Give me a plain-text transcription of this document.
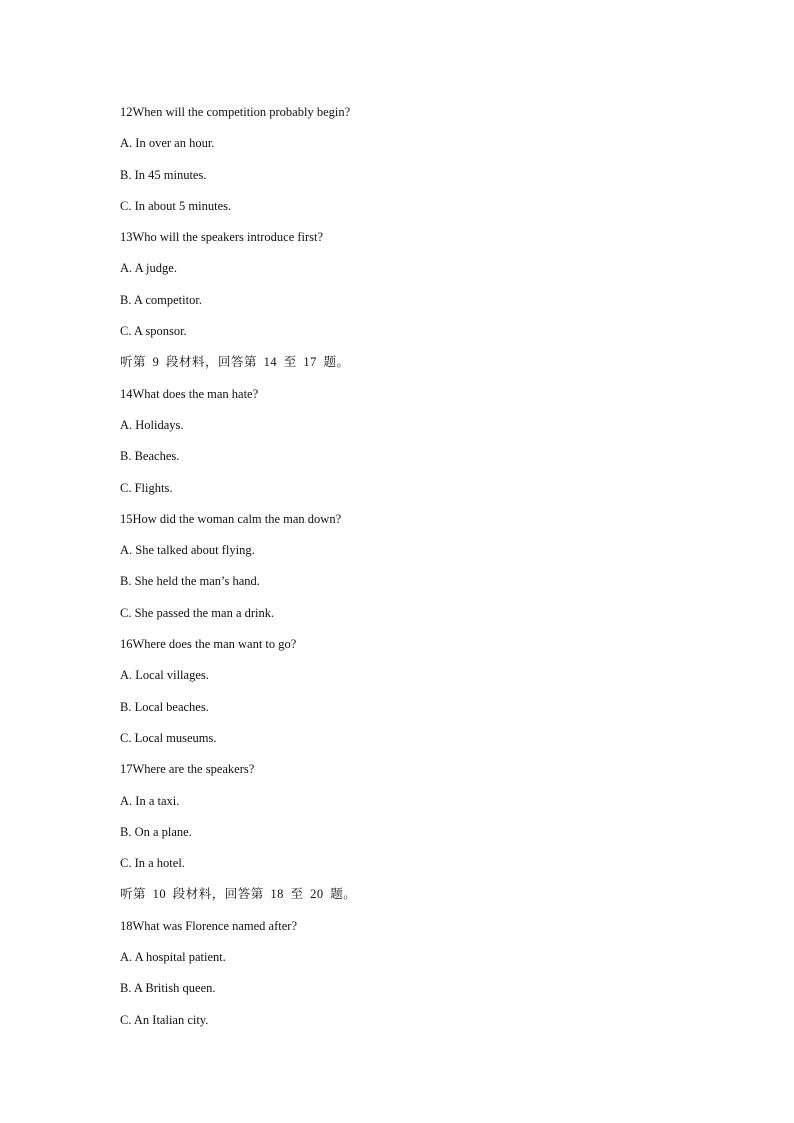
12When will the competition probably begin?
A. In over an hour.
B. In 45 minutes.
C. In about 5 minutes.
13Who will the speakers introduce first?
A. A judge.
B. A competitor.
C. A sponsor.
听第 9 段材料，回答第 14 至 17 题。
14What does the man hate?
A. Holidays.
B. Beaches.
C. Flights.
15How did the woman calm the man down?
A. She talked about flying.
B. She held the man’s hand.
C. She passed the man a drink.
16Where does the man want to go?
A. Local villages.
B. Local beaches.
C. Local museums.
17Where are the speakers?
A. In a taxi.
B. On a plane.
C. In a hotel.
听第 10 段材料，回答第 18 至 20 题。
18What was Florence named after?
A. A hospital patient.
B. A British queen.
C. An Italian city.
